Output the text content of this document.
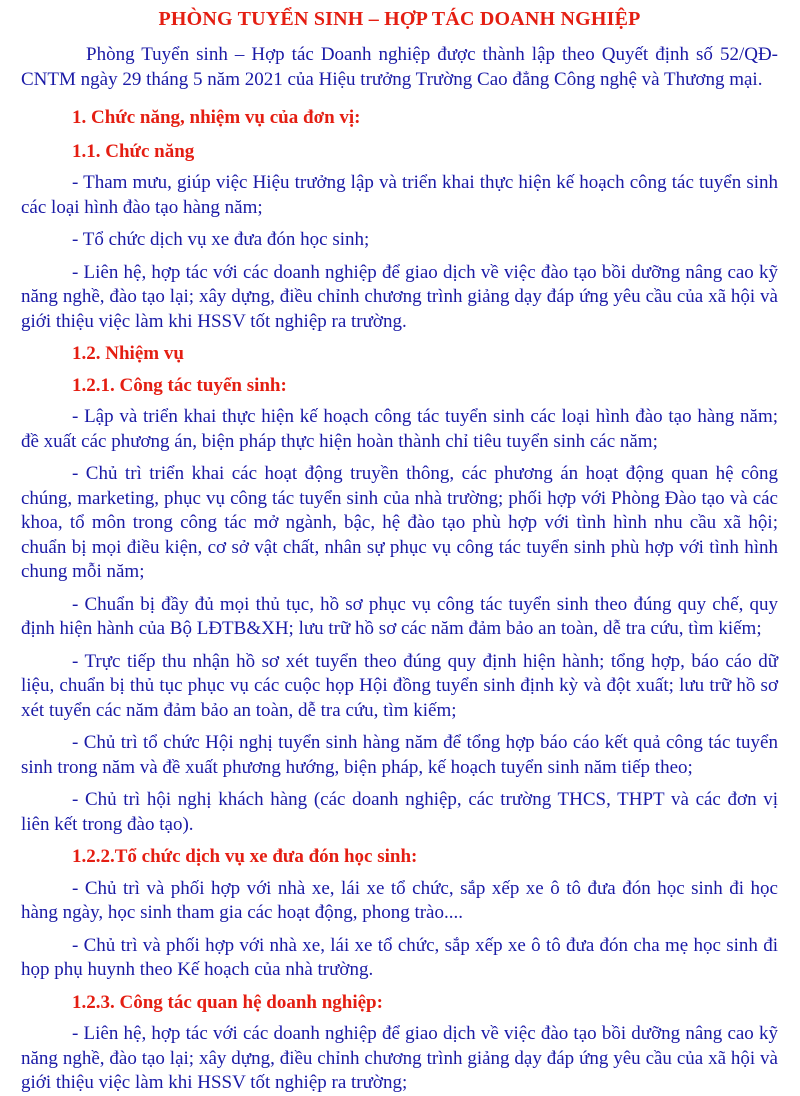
PHÒNG TUYỂN SINH – HỢP TÁC DOANH NGHIỆP
Phòng Tuyển sinh – Hợp tác Doanh nghiệp được thành lập theo Quyết định số 52/QĐ-CNTM ngày 29 tháng 5 năm 2021 của Hiệu trưởng Trường Cao đẳng Công nghệ và Thương mại.
1. Chức năng, nhiệm vụ của đơn vị:
1.1. Chức năng
- Tham mưu, giúp việc Hiệu trưởng lập và triển khai thực hiện kế hoạch công tác tuyển sinh các loại hình đào tạo hàng năm;
- Tổ chức dịch vụ xe đưa đón học sinh;
- Liên hệ, hợp tác với các doanh nghiệp để giao dịch về việc đào tạo bồi dưỡng nâng cao kỹ năng nghề, đào tạo lại; xây dựng, điều chỉnh chương trình giảng dạy đáp ứng yêu cầu của xã hội và giới thiệu việc làm khi HSSV tốt nghiệp ra trường.
1.2. Nhiệm vụ
1.2.1. Công tác tuyển sinh:
- Lập và triển khai thực hiện kế hoạch công tác tuyển sinh các loại hình đào tạo hàng năm; đề xuất các phương án, biện pháp thực hiện hoàn thành chỉ tiêu tuyển sinh các năm;
- Chủ trì triển khai các hoạt động truyền thông, các phương án hoạt động quan hệ công chúng, marketing, phục vụ công tác tuyển sinh của nhà trường; phối hợp với Phòng Đào tạo và các khoa, tổ môn trong công tác mở ngành, bậc, hệ đào tạo phù hợp với tình hình nhu cầu xã hội; chuẩn bị mọi điều kiện, cơ sở vật chất, nhân sự phục vụ công tác tuyển sinh phù hợp với tình hình chung mỗi năm;
- Chuẩn bị đầy đủ mọi thủ tục, hồ sơ phục vụ công tác tuyển sinh theo đúng quy chế, quy định hiện hành của Bộ LĐTB&XH; lưu trữ hồ sơ các năm đảm bảo an toàn, dễ tra cứu, tìm kiếm;
- Trực tiếp thu nhận hồ sơ xét tuyển theo đúng quy định hiện hành; tổng hợp, báo cáo dữ liệu, chuẩn bị thủ tục phục vụ các cuộc họp Hội đồng tuyển sinh định kỳ và đột xuất; lưu trữ hồ sơ xét tuyển các năm đảm bảo an toàn, dễ tra cứu, tìm kiếm;
- Chủ trì tổ chức Hội nghị tuyển sinh hàng năm để tổng hợp báo cáo kết quả công tác tuyển sinh trong năm và đề xuất phương hướng, biện pháp, kế hoạch tuyển sinh năm tiếp theo;
- Chủ trì hội nghị khách hàng (các doanh nghiệp, các trường THCS, THPT và các đơn vị liên kết trong đào tạo).
1.2.2.Tổ chức dịch vụ xe đưa đón học sinh:
- Chủ trì và phối hợp với nhà xe, lái xe tổ chức, sắp xếp xe ô tô đưa đón học sinh đi học hàng ngày, học sinh tham gia các hoạt động, phong trào....
- Chủ trì và phối hợp với nhà xe, lái xe tổ chức, sắp xếp xe ô tô đưa đón cha mẹ học sinh đi họp phụ huynh theo Kế hoạch của nhà trường.
1.2.3. Công tác quan hệ doanh nghiệp:
- Liên hệ, hợp tác với các doanh nghiệp để giao dịch về việc đào tạo bồi dưỡng nâng cao kỹ năng nghề, đào tạo lại; xây dựng, điều chỉnh chương trình giảng dạy đáp ứng yêu cầu của xã hội và giới thiệu việc làm khi HSSV tốt nghiệp ra trường;
